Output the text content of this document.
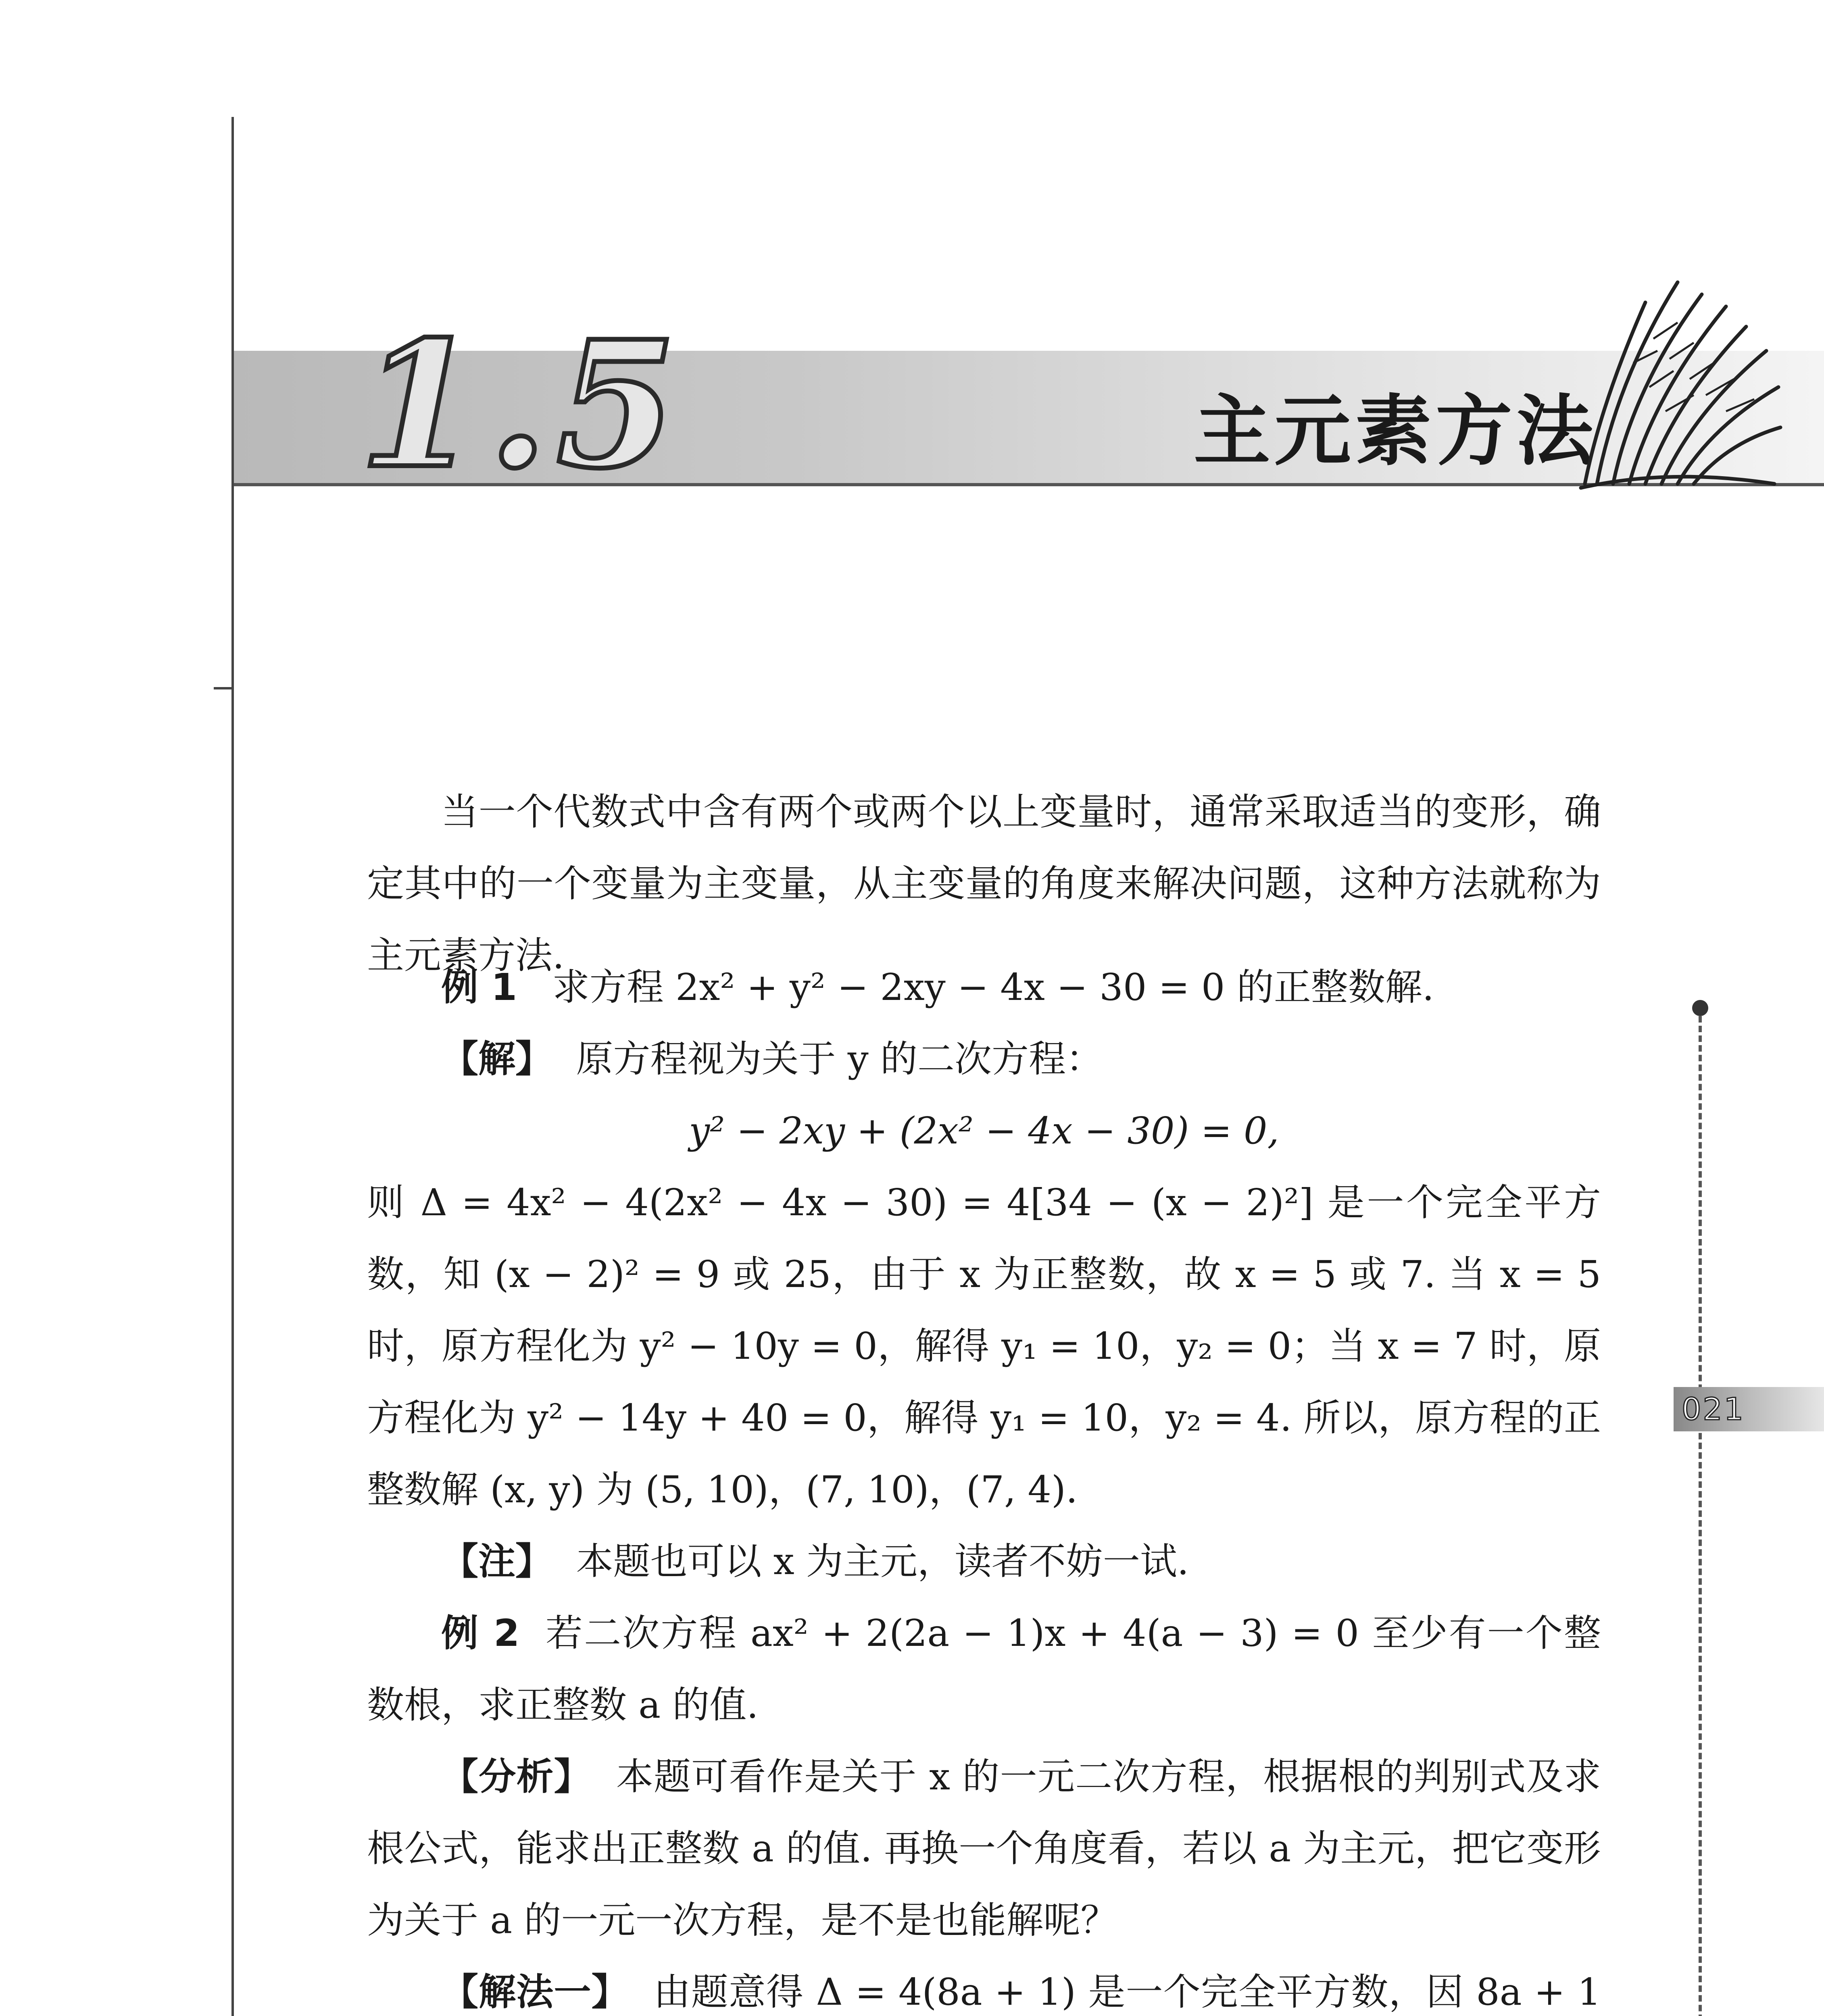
1.5	主元素方法

当一个代数式中含有两个或两个以上变量时，通常采取适当的变形，确定其中的一个变量为主变量，从主变量的角度来解决问题，这种方法就称为主元素方法.

例 1 求方程 2x² + y² − 2xy − 4x − 30 = 0 的正整数解.

【解】 原方程视为关于 y 的二次方程：

y² − 2xy + (2x² − 4x − 30) = 0,

则 Δ = 4x² − 4(2x² − 4x − 30) = 4[34 − (x − 2)²] 是一个完全平方数，知 (x − 2)² = 9 或 25，由于 x 为正整数，故 x = 5 或 7. 当 x = 5 时，原方程化为 y² − 10y = 0，解得 y₁ = 10，y₂ = 0；当 x = 7 时，原方程化为 y² − 14y + 40 = 0，解得 y₁ = 10，y₂ = 4. 所以，原方程的正整数解 (x, y) 为 (5, 10)，(7, 10)，(7, 4).

【注】 本题也可以 x 为主元，读者不妨一试.

例 2 若二次方程 ax² + 2(2a − 1)x + 4(a − 3) = 0 至少有一个整数根，求正整数 a 的值.

【分析】 本题可看作是关于 x 的一元二次方程，根据根的判别式及求根公式，能求出正整数 a 的值. 再换一个角度看，若以 a 为主元，把它变形为关于 a 的一元一次方程，是不是也能解呢？

【解法一】 由题意得 Δ = 4(8a + 1) 是一个完全平方数，因 8a + 1

021
